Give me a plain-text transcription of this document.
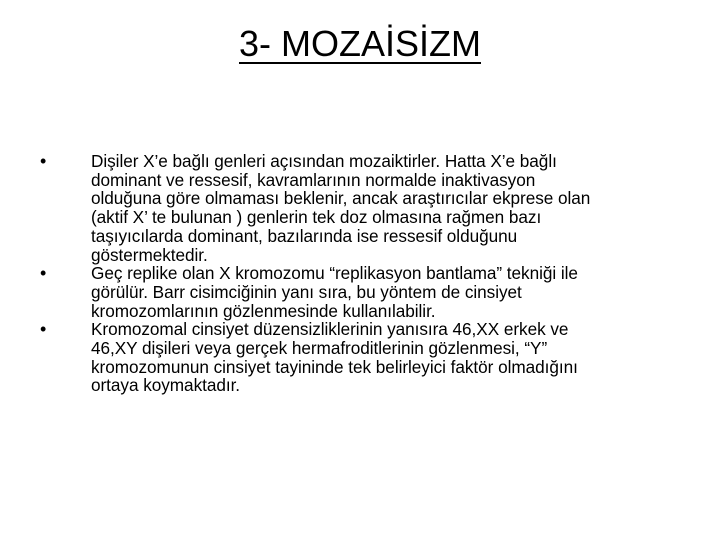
3- MOZAİSİZM
•	Dişiler X’e bağlı genleri açısından mozaiktirler. Hatta X’e bağlı
dominant ve ressesif, kavramlarının normalde inaktivasyon
olduğuna göre olmaması beklenir, ancak araştırıcılar ekprese olan
(aktif X’ te bulunan ) genlerin tek doz olmasına rağmen bazı
taşıyıcılarda dominant, bazılarında ise ressesif olduğunu
göstermektedir.
•	Geç replike olan X kromozomu “replikasyon bantlama” tekniği ile
görülür. Barr cisimciğinin yanı sıra, bu yöntem de cinsiyet
kromozomlarının gözlenmesinde kullanılabilir.
•	Kromozomal cinsiyet düzensizliklerinin yanısıra 46,XX erkek ve
46,XY dişileri veya gerçek hermafroditlerinin gözlenmesi, “Y”
kromozomunun cinsiyet tayininde tek belirleyici faktör olmadığını
ortaya koymaktadır.
